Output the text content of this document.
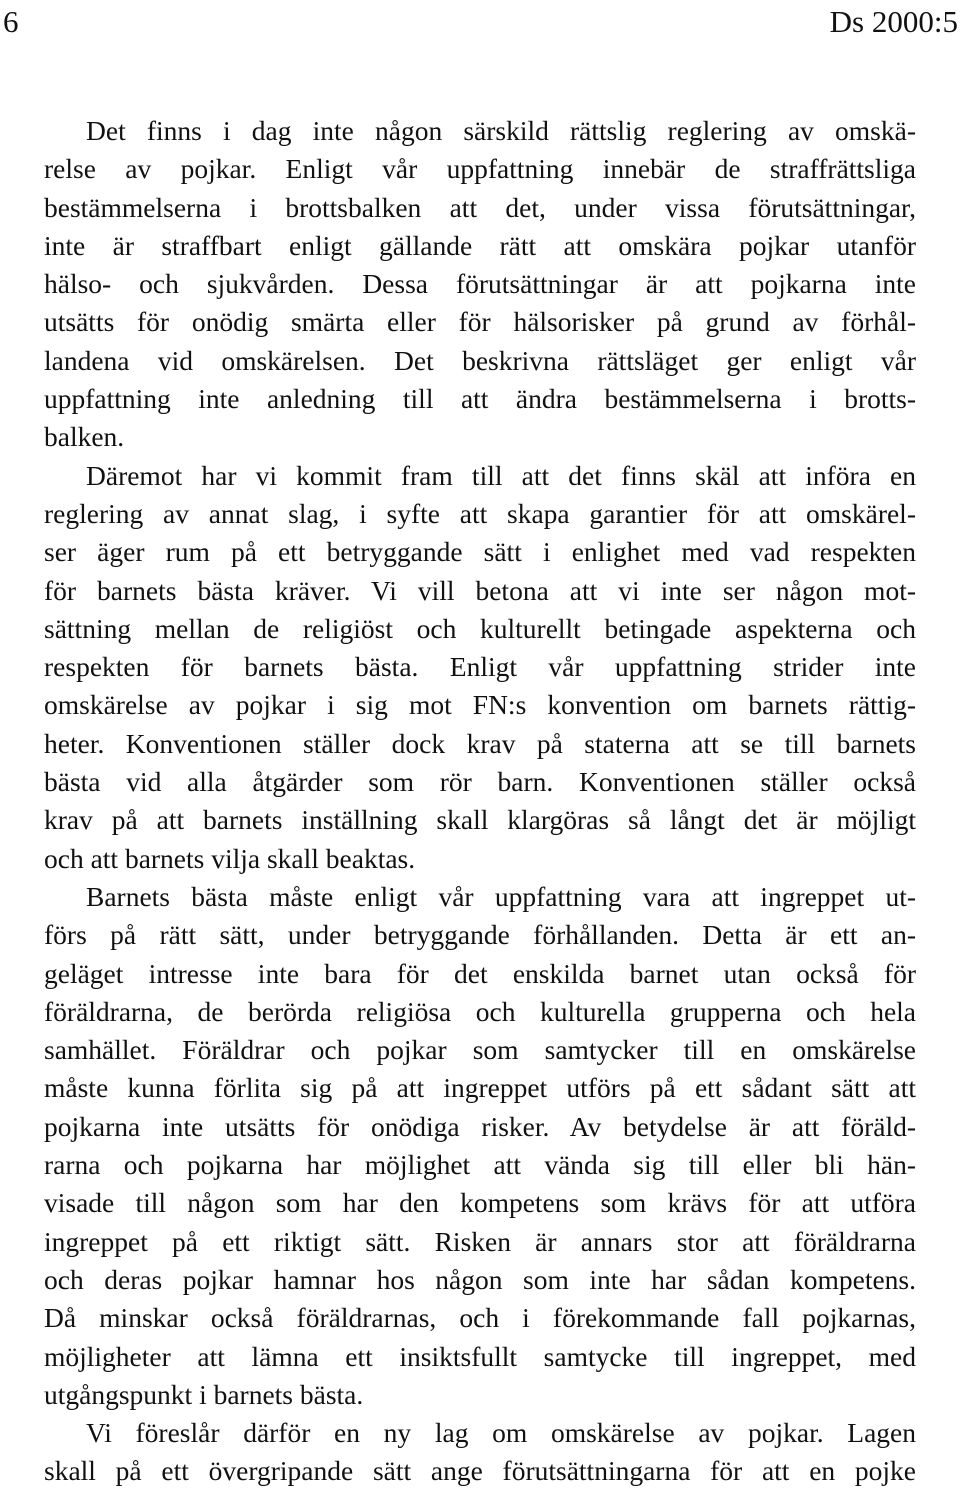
6	Ds 2000:5
Det finns i dag inte någon särskild rättslig reglering av omskä-
relse av pojkar. Enligt vår uppfattning innebär de straffrättsliga
bestämmelserna i brottsbalken att det, under vissa förutsättningar,
inte är straffbart enligt gällande rätt att omskära pojkar utanför
hälso- och sjukvården. Dessa förutsättningar är att pojkarna inte
utsätts för onödig smärta eller för hälsorisker på grund av förhål-
landena vid omskärelsen. Det beskrivna rättsläget ger enligt vår
uppfattning inte anledning till att ändra bestämmelserna i brotts-
balken.
Däremot har vi kommit fram till att det finns skäl att införa en
reglering av annat slag, i syfte att skapa garantier för att omskärel-
ser äger rum på ett betryggande sätt i enlighet med vad respekten
för barnets bästa kräver. Vi vill betona att vi inte ser någon mot-
sättning mellan de religiöst och kulturellt betingade aspekterna och
respekten för barnets bästa. Enligt vår uppfattning strider inte
omskärelse av pojkar i sig mot FN:s konvention om barnets rättig-
heter. Konventionen ställer dock krav på staterna att se till barnets
bästa vid alla åtgärder som rör barn. Konventionen ställer också
krav på att barnets inställning skall klargöras så långt det är möjligt
och att barnets vilja skall beaktas.
Barnets bästa måste enligt vår uppfattning vara att ingreppet ut-
förs på rätt sätt, under betryggande förhållanden. Detta är ett an-
geläget intresse inte bara för det enskilda barnet utan också för
föräldrarna, de berörda religiösa och kulturella grupperna och hela
samhället. Föräldrar och pojkar som samtycker till en omskärelse
måste kunna förlita sig på att ingreppet utförs på ett sådant sätt att
pojkarna inte utsätts för onödiga risker. Av betydelse är att föräld-
rarna och pojkarna har möjlighet att vända sig till eller bli hän-
visade till någon som har den kompetens som krävs för att utföra
ingreppet på ett riktigt sätt. Risken är annars stor att föräldrarna
och deras pojkar hamnar hos någon som inte har sådan kompetens.
Då minskar också föräldrarnas, och i förekommande fall pojkarnas,
möjligheter att lämna ett insiktsfullt samtycke till ingreppet, med
utgångspunkt i barnets bästa.
Vi föreslår därför en ny lag om omskärelse av pojkar. Lagen
skall på ett övergripande sätt ange förutsättningarna för att en pojke
